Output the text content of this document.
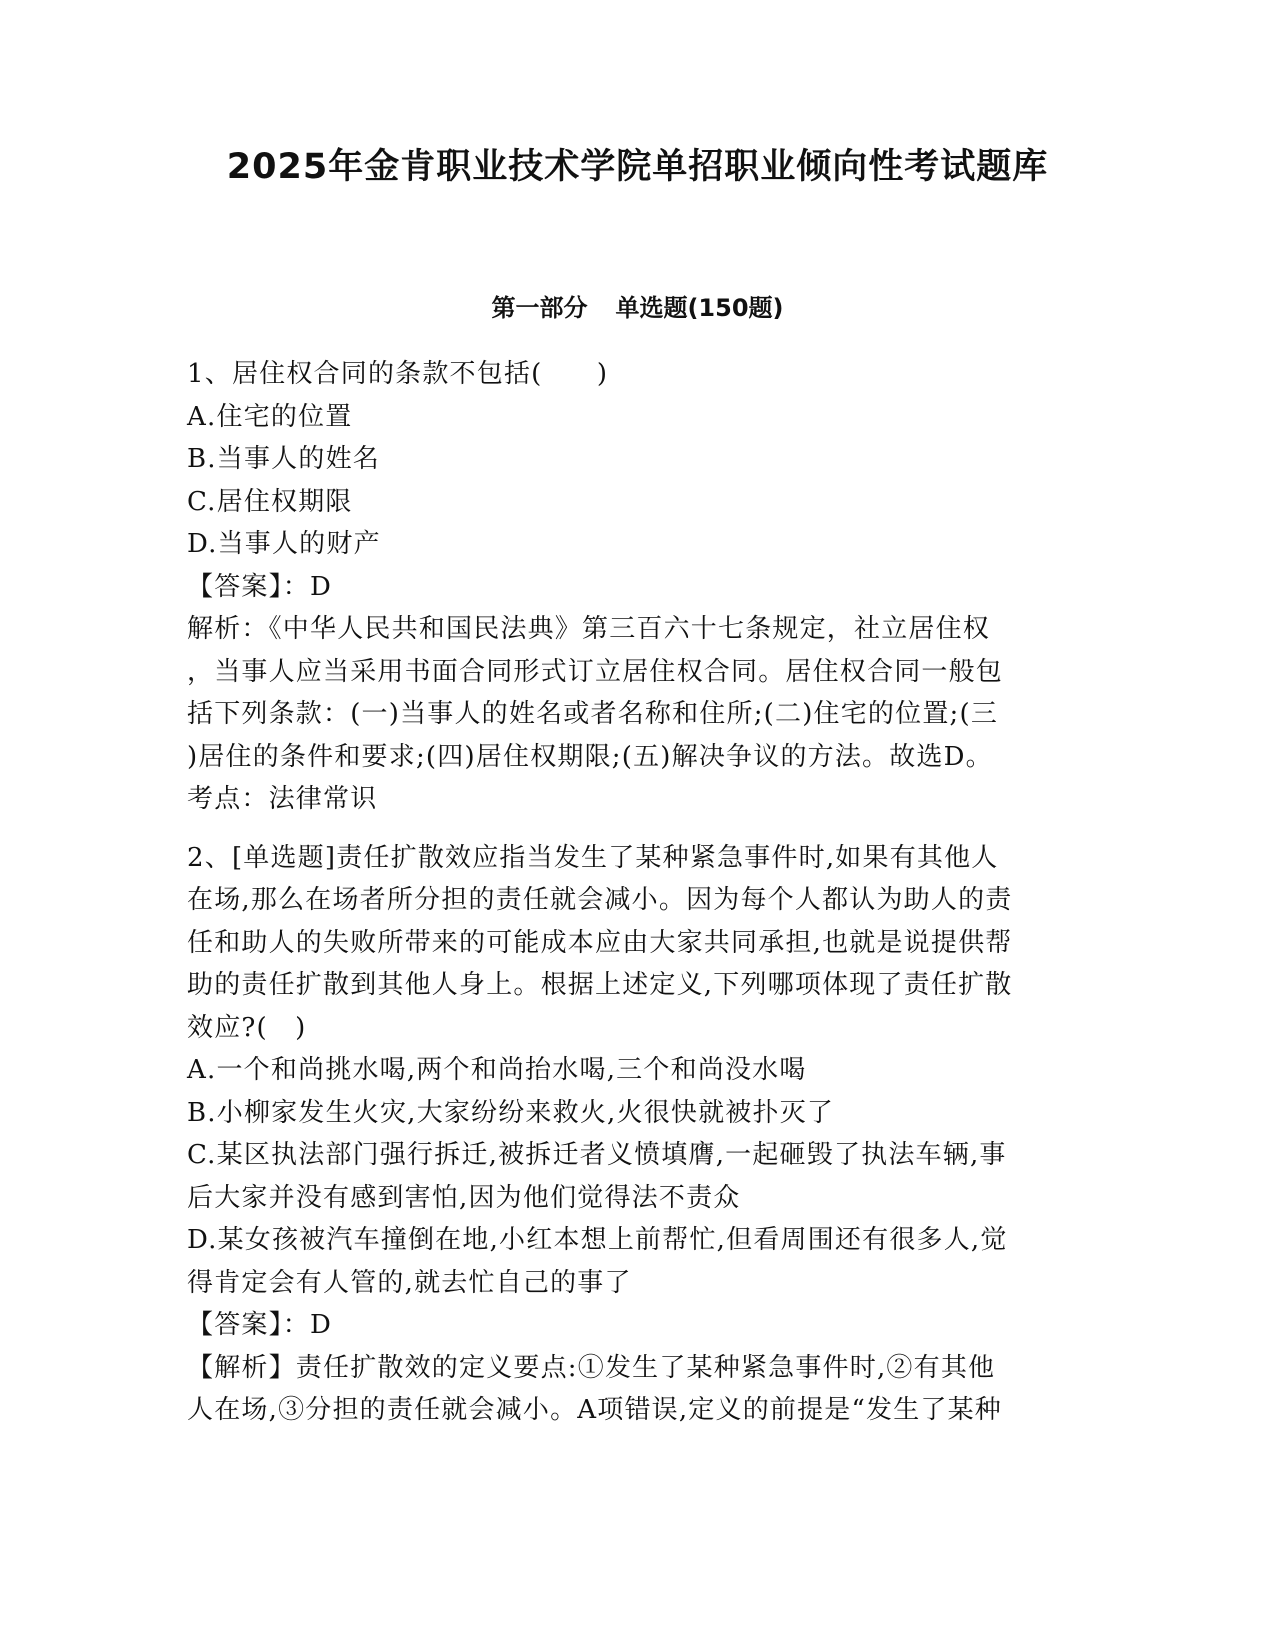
2025年金肯职业技术学院单招职业倾向性考试题库
第一部分 单选题(150题)

1、居住权合同的条款不包括(　　)

A.住宅的位置

B.当事人的姓名

C.居住权期限

D.当事人的财产

【答案】：D

解析：《中华人民共和国民法典》第三百六十七条规定，社立居住权

，当事人应当采用书面合同形式订立居住权合同。居住权合同一般包

括下列条款：(一)当事人的姓名或者名称和住所;(二)住宅的位置;(三

)居住的条件和要求;(四)居住权期限;(五)解决争议的方法。故选D。

考点：法律常识

2、[单选题]责任扩散效应指当发生了某种紧急事件时,如果有其他人

在场,那么在场者所分担的责任就会减小。因为每个人都认为助人的责

任和助人的失败所带来的可能成本应由大家共同承担,也就是说提供帮

助的责任扩散到其他人身上。根据上述定义,下列哪项体现了责任扩散

效应?(　)

A.一个和尚挑水喝,两个和尚抬水喝,三个和尚没水喝

B.小柳家发生火灾,大家纷纷来救火,火很快就被扑灭了

C.某区执法部门强行拆迁,被拆迁者义愤填膺,一起砸毁了执法车辆,事

后大家并没有感到害怕,因为他们觉得法不责众

D.某女孩被汽车撞倒在地,小红本想上前帮忙,但看周围还有很多人,觉

得肯定会有人管的,就去忙自己的事了

【答案】：D

【解析】责任扩散效的定义要点:①发生了某种紧急事件时,②有其他

人在场,③分担的责任就会减小。A项错误,定义的前提是“发生了某种
